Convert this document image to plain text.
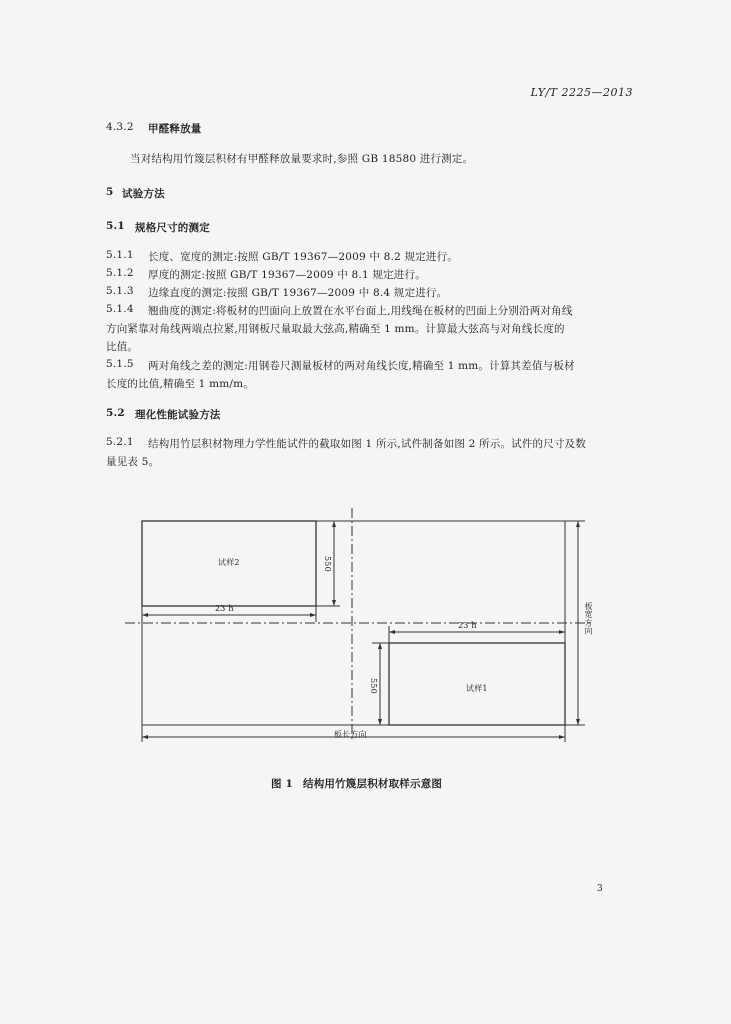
LY/T 2225—2013
4.3.2 甲醛释放量
当对结构用竹篾层积材有甲醛释放量要求时,参照 GB 18580 进行测定。
5 试验方法
5.1 规格尺寸的测定
5.1.1 长度、宽度的测定:按照 GB/T 19367—2009 中 8.2 规定进行。
5.1.2 厚度的测定:按照 GB/T 19367—2009 中 8.1 规定进行。
5.1.3 边缘直度的测定:按照 GB/T 19367—2009 中 8.4 规定进行。
5.1.4 翘曲度的测定:将板材的凹面向上放置在水平台面上,用线绳在板材的凹面上分别沿两对角线
方向紧靠对角线两端点拉紧,用钢板尺量取最大弦高,精确至 1 mm。计算最大弦高与对角线长度的
比值。
5.1.5 两对角线之差的测定:用钢卷尺测量板材的两对角线长度,精确至 1 mm。计算其差值与板材
长度的比值,精确至 1 mm/m。
5.2 理化性能试验方法
5.2.1 结构用竹层积材物理力学性能试件的截取如图 1 所示,试件制备如图 2 所示。试件的尺寸及数
量见表 5。
试样2
试样1
550
550
23 h
23 h	板宽方向
板长方向
图 1 结构用竹篾层积材取样示意图
3
